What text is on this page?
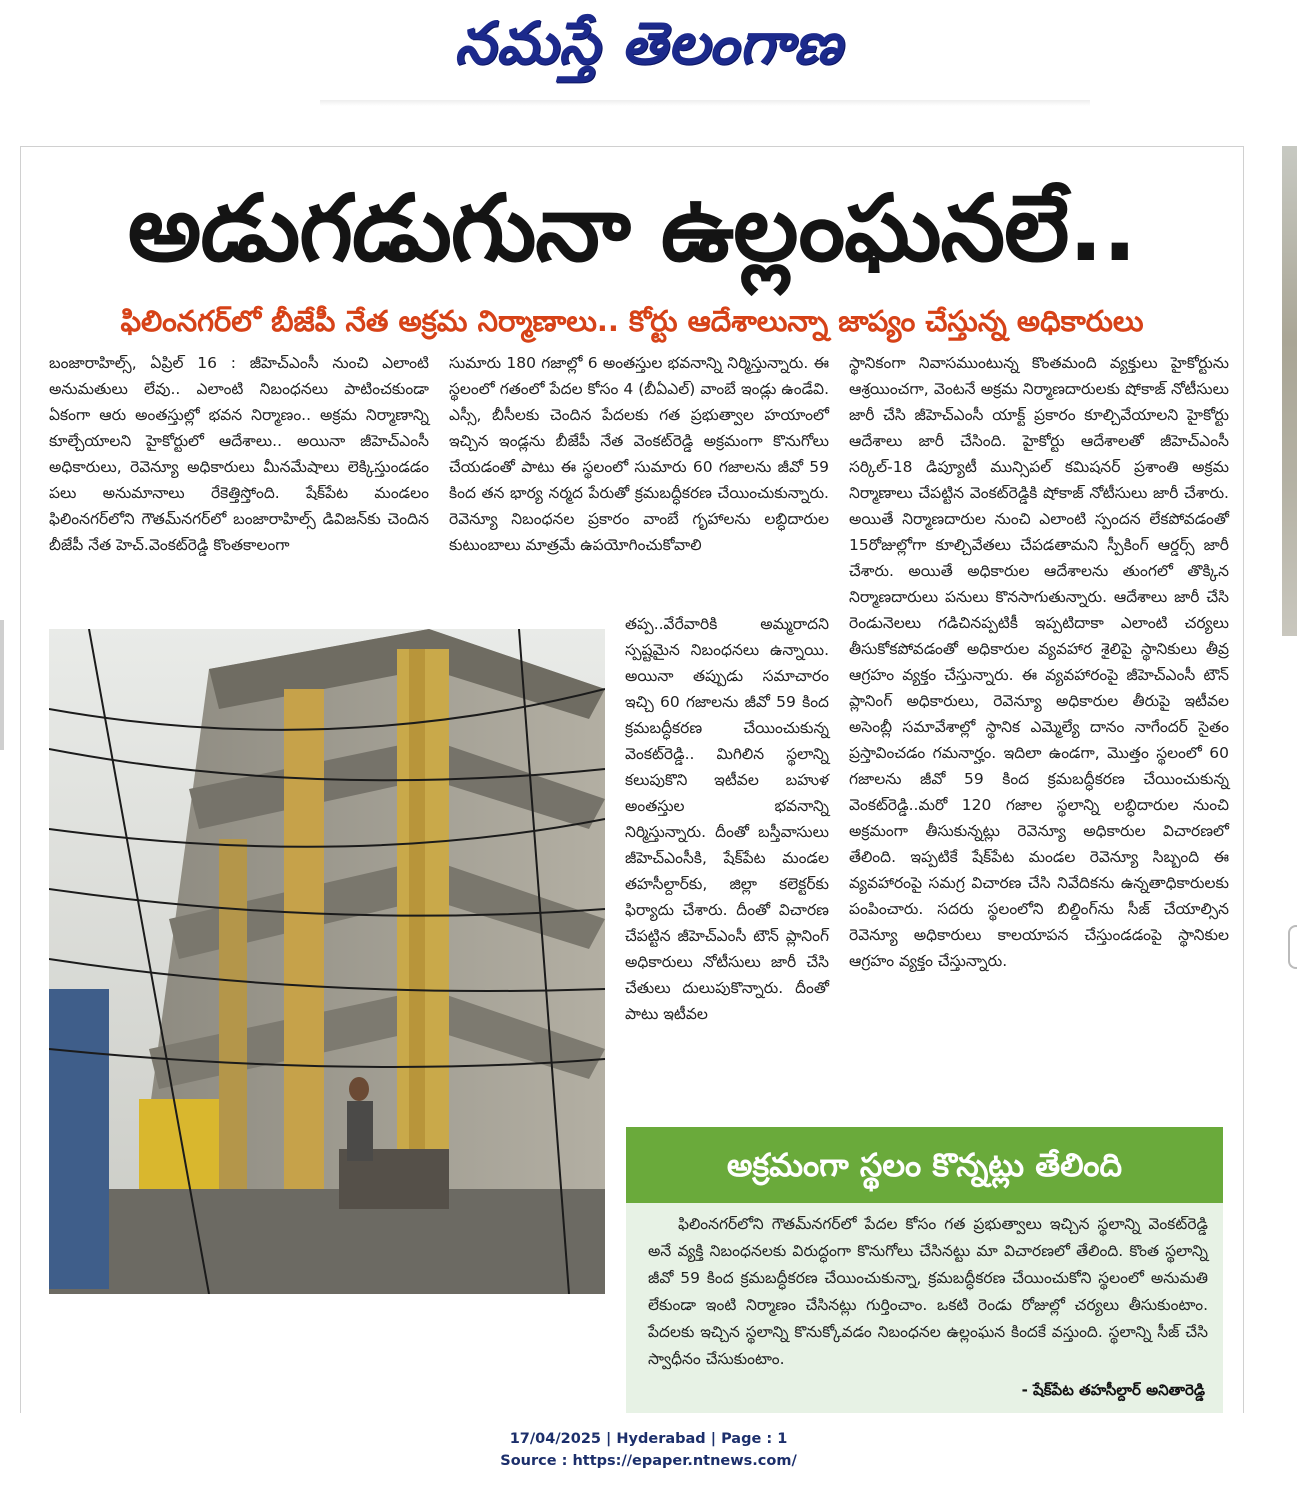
నమస్తే తెలంగాణ
అడుగడుగునా ఉల్లంఘనలే..
ఫిలింనగర్‌లో బీజేపీ నేత అక్రమ నిర్మాణాలు.. కోర్టు ఆదేశాలున్నా జాప్యం చేస్తున్న అధికారులు

బంజారాహిల్స్, ఏప్రిల్ 16 : జీహెచ్ఎంసీ నుంచి ఎలాంటి అనుమతులు లేవు.. ఎలాంటి నిబంధనలు పాటించకుండా ఏకంగా ఆరు అంతస్తుల్లో భవన నిర్మాణం.. అక్రమ నిర్మాణాన్ని కూల్చేయాలని హైకోర్టులో ఆదేశాలు.. అయినా జీహెచ్ఎంసీ అధికారులు, రెవెన్యూ అధికారులు మీనమేషాలు లెక్కిస్తుండడం పలు అనుమానాలు రేకెత్తిస్తోంది. షేక్‌పేట మండలం ఫిలింనగర్‌లోని గౌతమ్‌నగర్‌లో బంజారాహిల్స్ డివిజన్‌కు చెందిన బీజేపీ నేత హెచ్.వెంకట్‌రెడ్డి కొంతకాలంగా

సుమారు 180 గజాల్లో 6 అంతస్తుల భవనాన్ని నిర్మిస్తున్నారు. ఈ స్థలంలో గతంలో పేదల కోసం 4 (బీఏఎల్) వాంబే ఇండ్లు ఉండేవి. ఎస్సీ, బీసీలకు చెందిన పేదలకు గత ప్రభుత్వాల హయాంలో ఇచ్చిన ఇండ్లను బీజేపీ నేత వెంకట్‌రెడ్డి అక్రమంగా కొనుగోలు చేయడంతో పాటు ఈ స్థలంలో సుమారు 60 గజాలను జీవో 59 కింద తన భార్య నర్మద పేరుతో క్రమబద్ధీకరణ చేయించుకున్నారు. రెవెన్యూ నిబంధనల ప్రకారం వాంబే గృహాలను లబ్ధిదారుల కుటుంబాలు మాత్రమే ఉపయోగించుకోవాలి

తప్ప..వేరేవారికి అమ్మరాదని స్పష్టమైన నిబంధనలు ఉన్నాయి. అయినా తప్పుడు సమాచారం ఇచ్చి 60 గజాలను జీవో 59 కింద క్రమబద్ధీకరణ చేయించుకున్న వెంకట్‌రెడ్డి.. మిగిలిన స్థలాన్ని కలుపుకొని ఇటీవల బహుళ అంతస్తుల భవనాన్ని నిర్మిస్తున్నారు. దీంతో బస్తీవాసులు జీహెచ్ఎంసీకి, షేక్‌పేట మండల తహసీల్దార్‌కు, జిల్లా కలెక్టర్‌కు ఫిర్యాదు చేశారు. దీంతో విచారణ చేపట్టిన జీహెచ్ఎంసీ టౌన్ ప్లానింగ్ అధికారులు నోటీసులు జారీ చేసి చేతులు దులుపుకొన్నారు. దీంతో పాటు ఇటీవల

స్థానికంగా నివాసముంటున్న కొంతమంది వ్యక్తులు హైకోర్టును ఆశ్రయించగా, వెంటనే అక్రమ నిర్మాణదారులకు షోకాజ్ నోటీసులు జారీ చేసి జీహెచ్ఎంసీ యాక్ట్ ప్రకారం కూల్చివేయాలని హైకోర్టు ఆదేశాలు జారీ చేసింది. హైకోర్టు ఆదేశాలతో జీహెచ్ఎంసీ సర్కిల్-18 డిప్యూటీ మున్సిపల్ కమిషనర్ ప్రశాంతి అక్రమ నిర్మాణాలు చేపట్టిన వెంకట్‌రెడ్డికి షోకాజ్ నోటీసులు జారీ చేశారు. అయితే నిర్మాణదారుల నుంచి ఎలాంటి స్పందన లేకపోవడంతో 15రోజుల్లోగా కూల్చివేతలు చేపడతామని స్పీకింగ్ ఆర్డర్స్ జారీ చేశారు. అయితే అధికారుల ఆదేశాలను తుంగలో తొక్కిన నిర్మాణదారులు పనులు కొనసాగుతున్నారు. ఆదేశాలు జారీ చేసి రెండునెలలు గడిచినప్పటికీ ఇప్పటిదాకా ఎలాంటి చర్యలు తీసుకోకపోవడంతో అధికారుల వ్యవహార శైలిపై స్థానికులు తీవ్ర ఆగ్రహం వ్యక్తం చేస్తున్నారు. ఈ వ్యవహారంపై జీహెచ్ఎంసీ టౌన్ ప్లానింగ్ అధికారులు, రెవెన్యూ అధికారుల తీరుపై ఇటీవల అసెంబ్లీ సమావేశాల్లో స్థానిక ఎమ్మెల్యే దానం నాగేందర్ సైతం ప్రస్తావించడం గమనార్హం. ఇదిలా ఉండగా, మొత్తం స్థలంలో 60 గజాలను జీవో 59 కింద క్రమబద్ధీకరణ చేయించుకున్న వెంకట్‌రెడ్డి..మరో 120 గజాల స్థలాన్ని లబ్ధిదారుల నుంచి అక్రమంగా తీసుకున్నట్లు రెవెన్యూ అధికారుల విచారణలో తేలింది. ఇప్పటికే షేక్‌పేట మండల రెవెన్యూ సిబ్బంది ఈ వ్యవహారంపై సమగ్ర విచారణ చేసి నివేదికను ఉన్నతాధికారులకు పంపించారు. సదరు స్థలంలోని బిల్డింగ్‌ను సీజ్ చేయాల్సిన రెవెన్యూ అధికారులు కాలయాపన చేస్తుండడంపై స్థానికుల ఆగ్రహం వ్యక్తం చేస్తున్నారు.

అక్రమంగా స్థలం కొన్నట్లు తేలింది

ఫిలింనగర్‌లోని గౌతమ్‌నగర్‌లో పేదల కోసం గత ప్రభుత్వాలు ఇచ్చిన స్థలాన్ని వెంకట్‌రెడ్డి అనే వ్యక్తి నిబంధనలకు విరుద్ధంగా కొనుగోలు చేసినట్టు మా విచారణలో తేలింది. కొంత స్థలాన్ని జీవో 59 కింద క్రమబద్ధీకరణ చేయించుకున్నా, క్రమబద్ధీకరణ చేయించుకోని స్థలంలో అనుమతి లేకుండా ఇంటి నిర్మాణం చేసినట్లు గుర్తించాం. ఒకటి రెండు రోజుల్లో చర్యలు తీసుకుంటాం. పేదలకు ఇచ్చిన స్థలాన్ని కొనుక్కోవడం నిబంధనల ఉల్లంఘన కిందకే వస్తుంది. స్థలాన్ని సీజ్ చేసి స్వాధీనం చేసుకుంటాం.

- షేక్‌పేట తహసీల్దార్ అనితారెడ్డి
17/04/2025 | Hyderabad | Page : 1
Source : https://epaper.ntnews.com/
